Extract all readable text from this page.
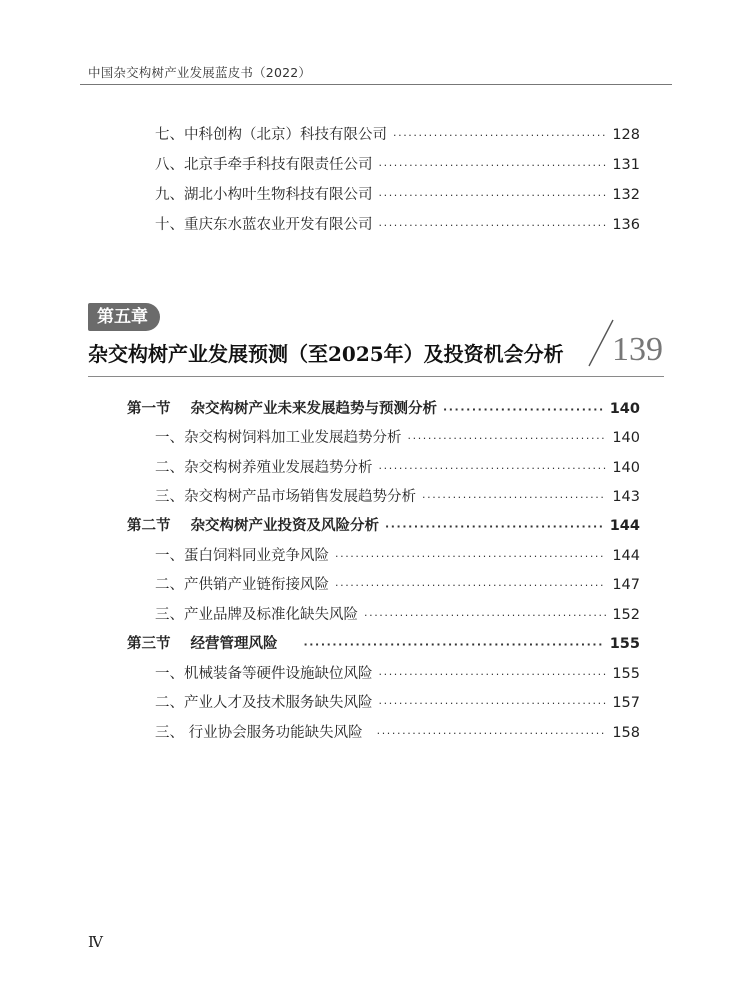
中国杂交构树产业发展蓝皮书（2022）
七、中科创构（北京）科技有限公司 ·····	128
八、北京手牵手科技有限责任公司 ·····	131
九、湖北小构叶生物科技有限公司 ·····	132
十、重庆东水蓝农业开发有限公司 ·····	136
第五章
杂交构树产业发展预测（至2025年）及投资机会分析 139
第一节 杂交构树产业未来发展趋势与预测分析 ·····	140
一、杂交构树饲料加工业发展趋势分析 ·····	140
二、杂交构树养殖业发展趋势分析 ·····	140
三、杂交构树产品市场销售发展趋势分析 ·····	143
第二节 杂交构树产业投资及风险分析 ·····	144
一、蛋白饲料同业竞争风险 ·····	144
二、产供销产业链衔接风险 ·····	147
三、产业品牌及标准化缺失风险 ·····	152
第三节 经营管理风险 ·····	155
一、机械装备等硬件设施缺位风险 ·····	155
二、产业人才及技术服务缺失风险 ·····	157
三、 行业协会服务功能缺失风险 ·····	158
Ⅳ
